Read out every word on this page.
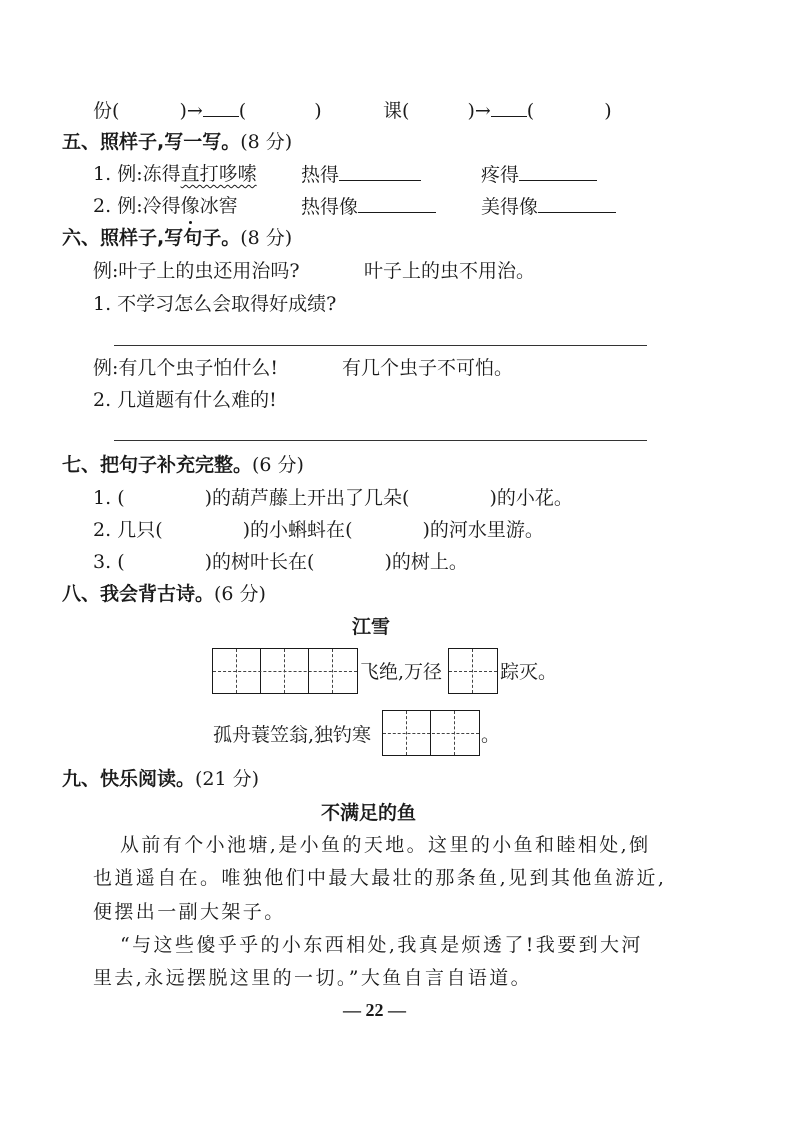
份(	)→ (	)	课(	)→ (	)
五、照样子,写一写。(8 分)
1. 例:冻得直打哆嗦 热得	疼得
2. 例:冷得像冰窖	热得像	美得像
六、照样子,写句子。(8 分)
例:叶子上的虫还用治吗?	叶子上的虫不用治。
1. 不学习怎么会取得好成绩?
例:有几个虫子怕什么!	有几个虫子不可怕。
2. 几道题有什么难的!
七、把句子补充完整。(6 分)
1. (	)的葫芦藤上开出了几朵(	)的小花。
2. 几只(	)的小蝌蚪在(	)的河水里游。
3. (	)的树叶长在(	)的树上。
八、我会背古诗。(6 分)
江雪
飞绝,万径	踪灭。
孤舟蓑笠翁,独钓寒	。
九、快乐阅读。(21 分)
不满足的鱼
从前有个小池塘,是小鱼的天地。这里的小鱼和睦相处,倒
也逍遥自在。唯独他们中最大最壮的那条鱼,见到其他鱼游近,
便摆出一副大架子。
“与这些傻乎乎的小东西相处,我真是烦透了!我要到大河
里去,永远摆脱这里的一切。”大鱼自言自语道。
— 22 —
